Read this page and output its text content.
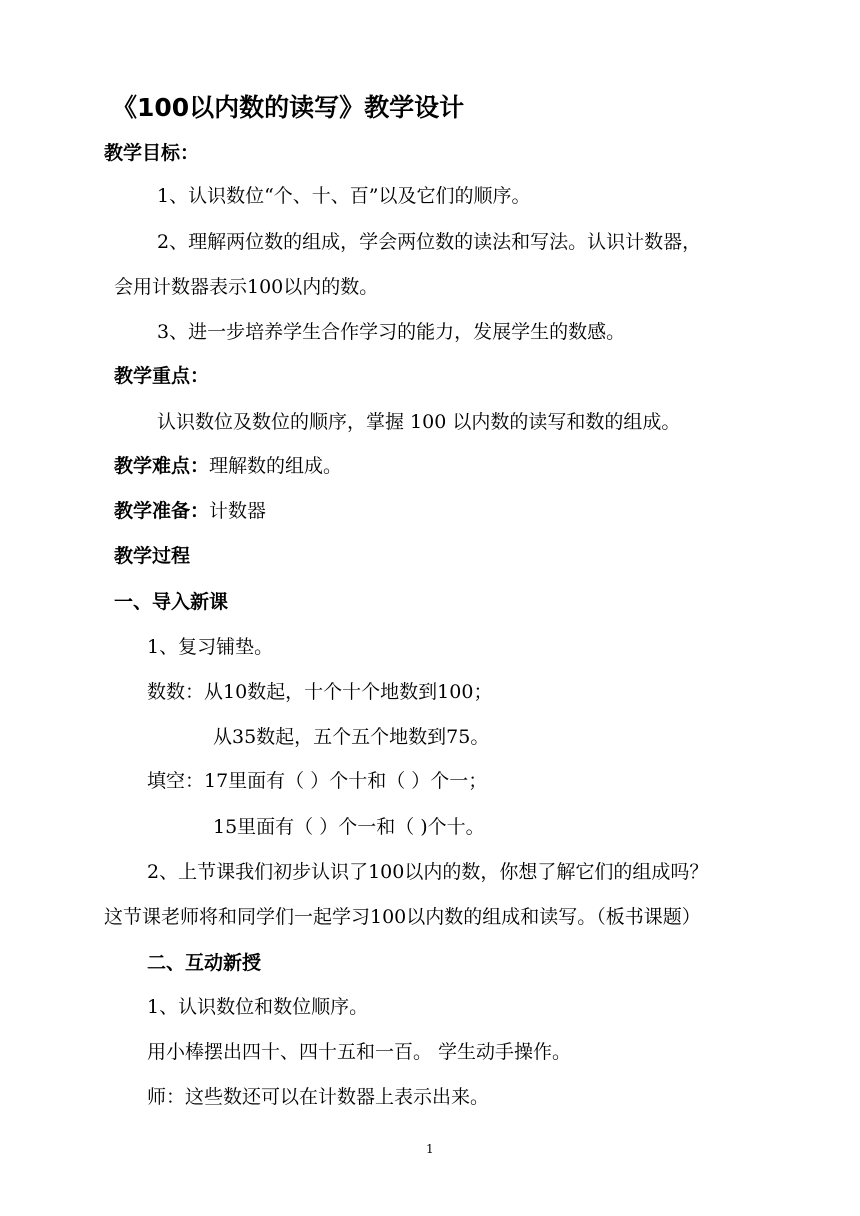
《100以内数的读写》教学设计

教学目标：

1、认识数位“个、十、百”以及它们的顺序。

2、理解两位数的组成，学会两位数的读法和写法。认识计数器，

会用计数器表示100以内的数。

3、进一步培养学生合作学习的能力，发展学生的数感。

教学重点：

认识数位及数位的顺序，掌握 100 以内数的读写和数的组成。

教学难点：理解数的组成。

教学准备：计数器

教学过程

一、导入新课

1、复习铺垫。

数数：从10数起，十个十个地数到100；

从35数起，五个五个地数到75。

填空：17里面有（ ）个十和（ ）个一；

15里面有（ ）个一和（ )个十。

2、上节课我们初步认识了100以内的数，你想了解它们的组成吗？

这节课老师将和同学们一起学习100以内数的组成和读写。（板书课题）

二、互动新授

1、认识数位和数位顺序。

用小棒摆出四十、四十五和一百。 学生动手操作。

师：这些数还可以在计数器上表示出来。

1
